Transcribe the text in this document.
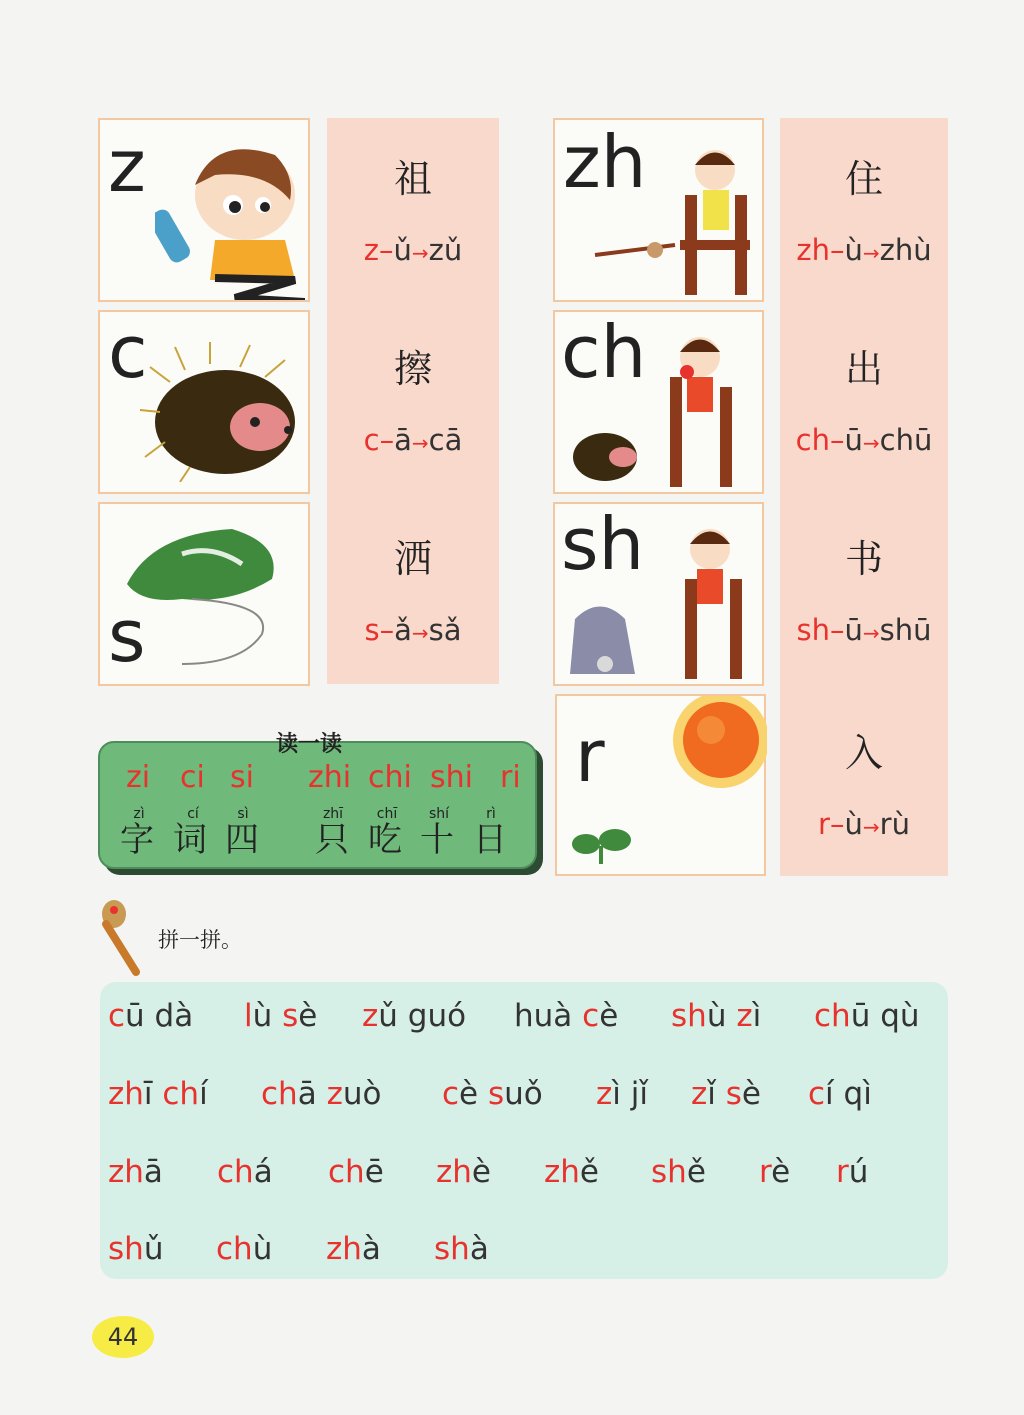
z
c
s
祖
z–ǔ→zǔ
擦
c–ā→cā
洒
s–ǎ→sǎ
zh
ch
sh
r
住
zh–ù→zhù
出
ch–ū→chū
书
sh–ū→shū
入
r–ù→rù
zi ci si zhi chi shi ri
zì	cí	sì	zhī	chī	shí	rì
字 词 四 只 吃 十 日
读一读
拼一拼。
cū dà lù sè zǔ guó huà cè shù zì chū qù
zhī chí chā zuò cè suǒ zì jǐ zǐ sè cí qì
zhā chá chē zhè zhě shě rè rú
shǔ chù zhà shà
44
